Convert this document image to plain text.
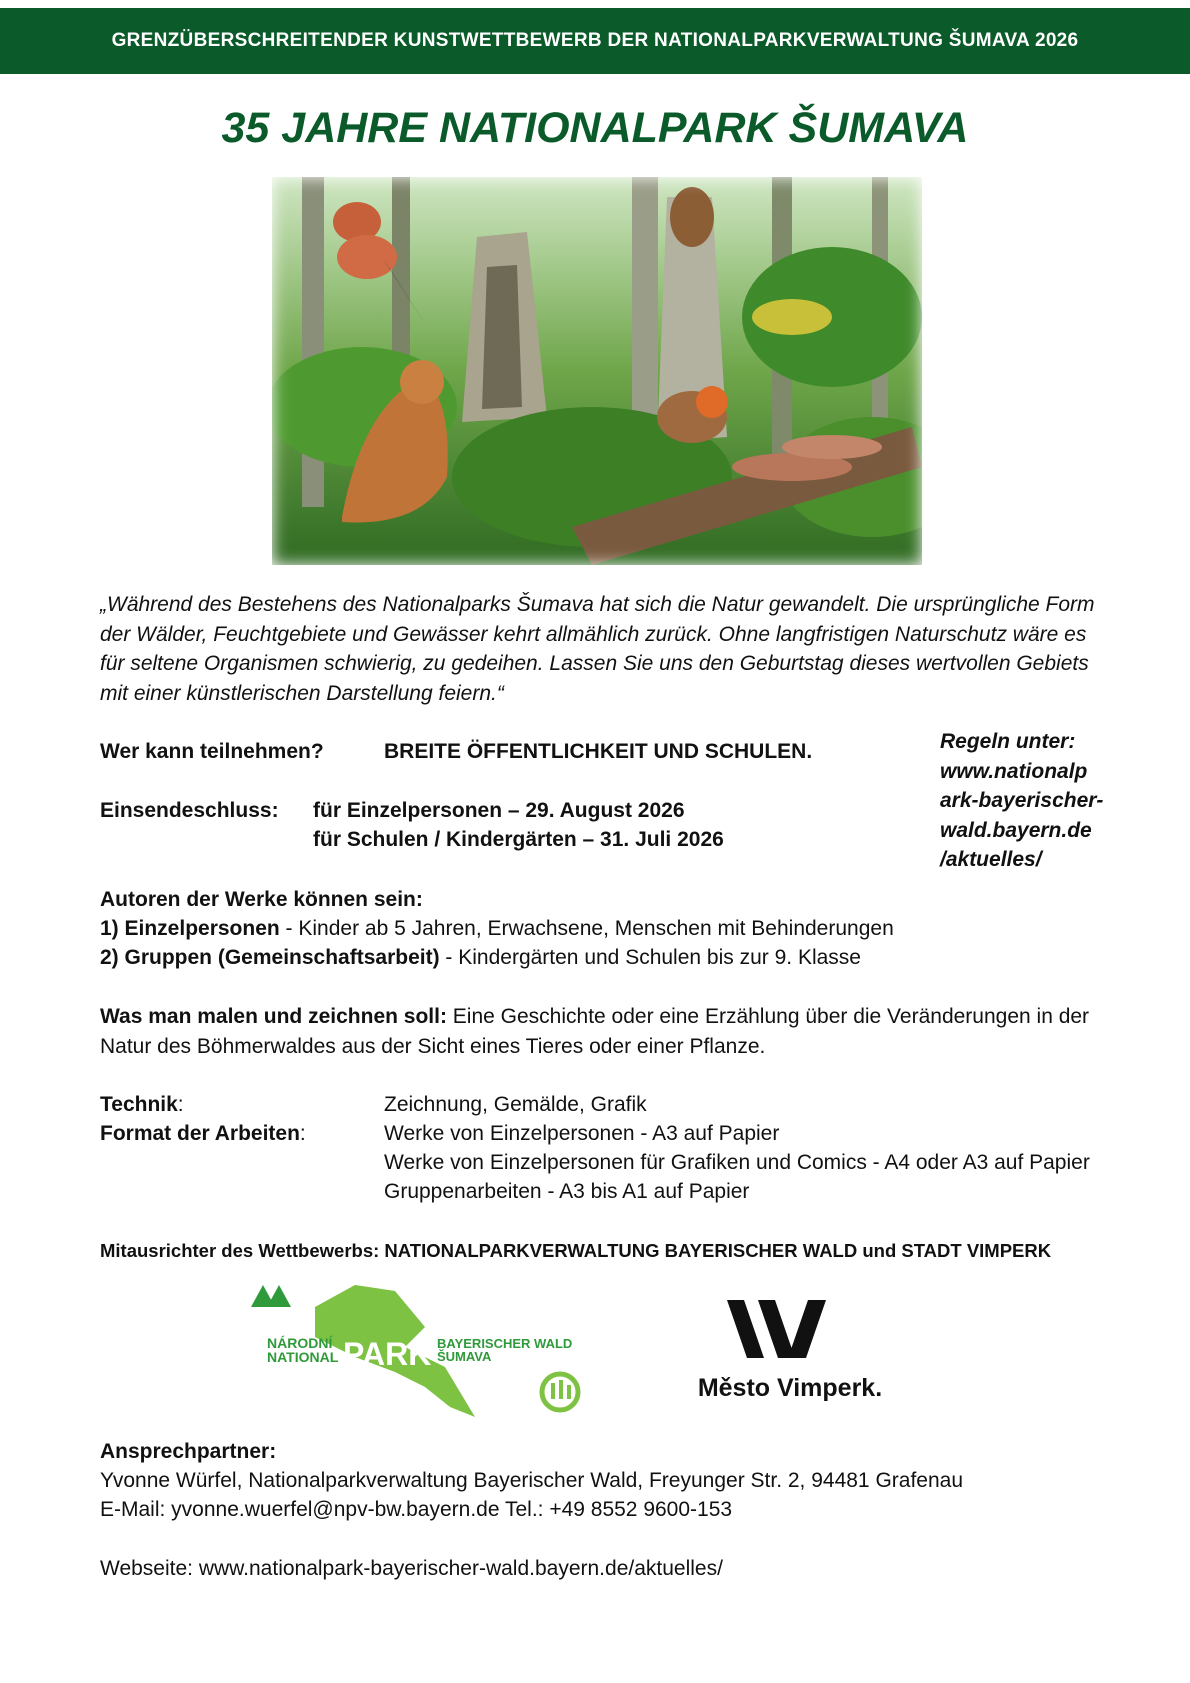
GRENZÜBERSCHREITENDER KUNSTWETTBEWERB DER NATIONALPARKVERWALTUNG ŠUMAVA 2026
35 JAHRE NATIONALPARK ŠUMAVA
„Während des Bestehens des Nationalparks Šumava hat sich die Natur gewandelt. Die ursprüngliche Form
der Wälder, Feuchtgebiete und Gewässer kehrt allmählich zurück. Ohne langfristigen Naturschutz wäre es
für seltene Organismen schwierig, zu gedeihen. Lassen Sie uns den Geburtstag dieses wertvollen Gebiets
mit einer künstlerischen Darstellung feiern.“
Wer kann teilnehmen?	BREITE ÖFFENTLICHKEIT UND SCHULEN.
Einsendeschluss: für Einzelpersonen – 29. August 2026
für Schulen / Kindergärten – 31. Juli 2026
Regeln unter:
www.nationalp
ark-bayerischer-
wald.bayern.de
/aktuelles/
Autoren der Werke können sein:
1) Einzelpersonen - Kinder ab 5 Jahren, Erwachsene, Menschen mit Behinderungen
2) Gruppen (Gemeinschaftsarbeit) - Kindergärten und Schulen bis zur 9. Klasse
Was man malen und zeichnen soll: Eine Geschichte oder eine Erzählung über die Veränderungen in der
Natur des Böhmerwaldes aus der Sicht eines Tieres oder einer Pflanze.
Technik:	Zeichnung, Gemälde, Grafik
Format der Arbeiten:	Werke von Einzelpersonen - A3 auf Papier
Werke von Einzelpersonen für Grafiken und Comics - A4 oder A3 auf Papier
Gruppenarbeiten - A3 bis A1 auf Papier
Mitausrichter des Wettbewerbs: NATIONALPARKVERWALTUNG BAYERISCHER WALD und STADT VIMPERK
NÁRODNÍ
NATIONAL PARK BAYERISCHER WALD
ŠUMAVA
Město Vimperk.
Ansprechpartner:
Yvonne Würfel, Nationalparkverwaltung Bayerischer Wald, Freyunger Str. 2, 94481 Grafenau
E-Mail: yvonne.wuerfel@npv-bw.bayern.de Tel.: +49 8552 9600-153
Webseite: www.nationalpark-bayerischer-wald.bayern.de/aktuelles/
